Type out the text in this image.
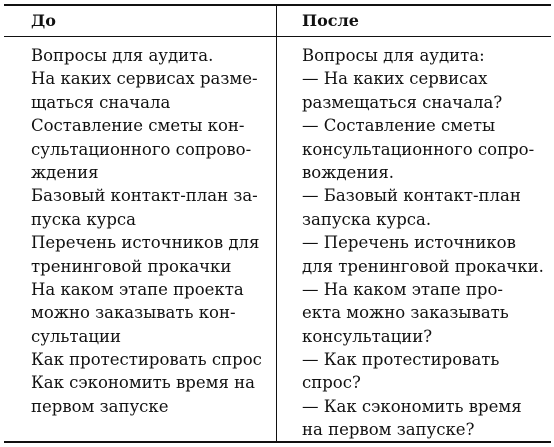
До	После
Вопросы для аудита.
На каких сервисах разме-
щаться сначала
Составление сметы кон-
сультационного сопрово-
ждения
Базовый контакт-план за-
пуска курса
Перечень источников для
тренинговой прокачки
На каком этапе проекта
можно заказывать кон-
сультации
Как протестировать спрос
Как сэкономить время на
первом запуске
Вопросы для аудита:
— На каких сервисах
размещаться сначала?
— Составление сметы
консультационного сопро-
вождения.
— Базовый контакт-план
запуска курса.
— Перечень источников
для тренинговой прокачки.
— На каком этапе про-
екта можно заказывать
консультации?
— Как протестировать
спрос?
— Как сэкономить время
на первом запуске?
